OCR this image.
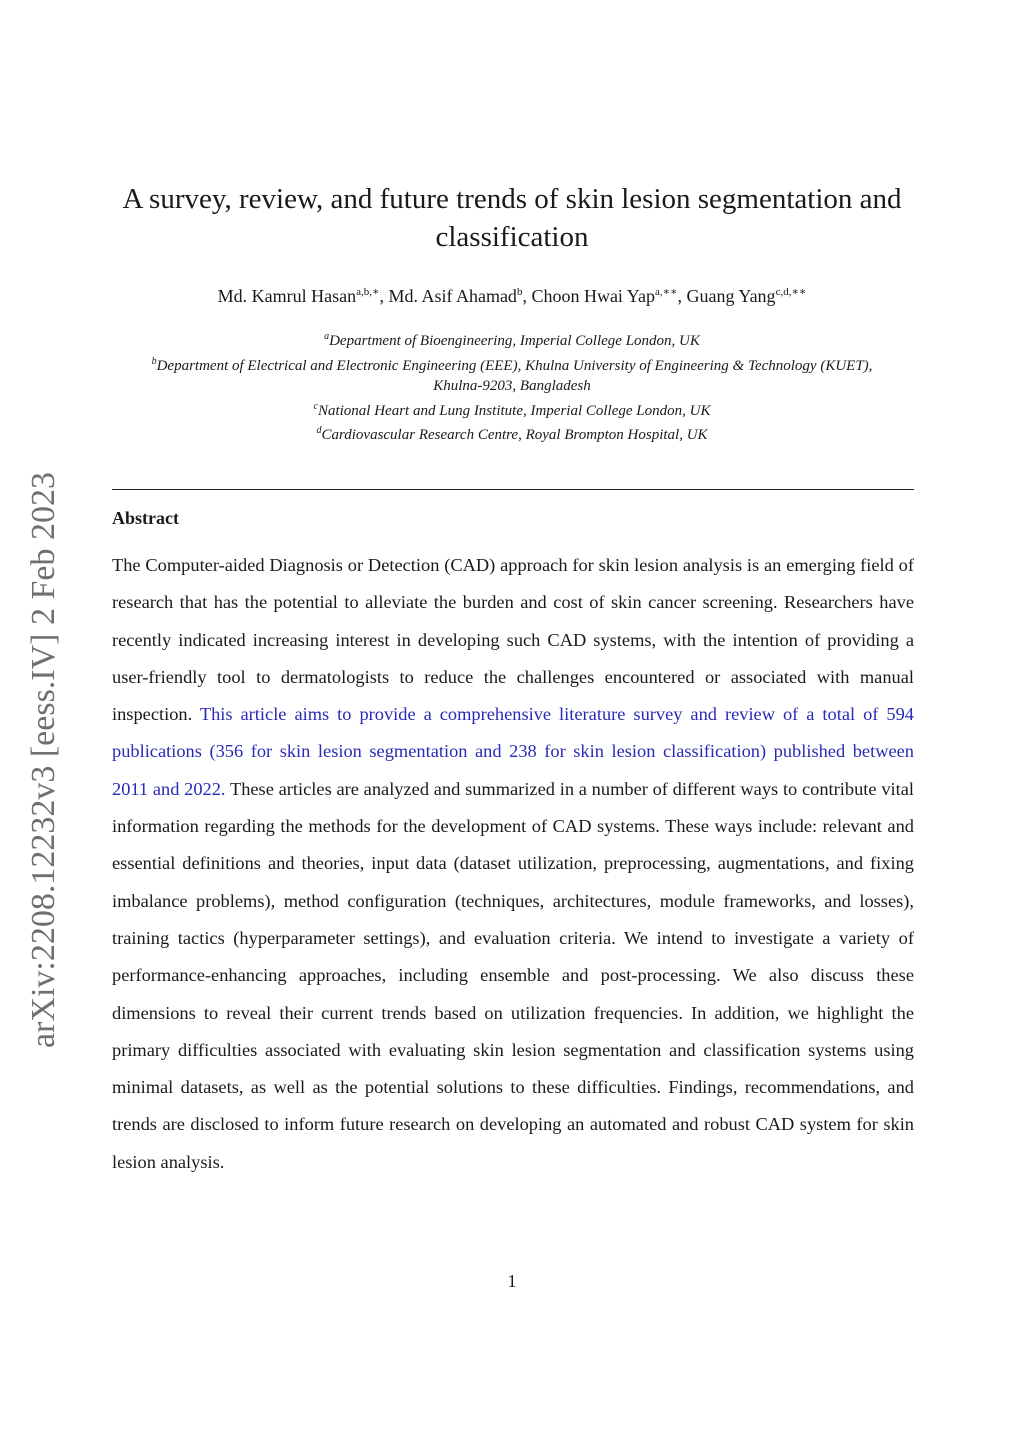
arXiv:2208.12232v3 [eess.IV] 2 Feb 2023
A survey, review, and future trends of skin lesion segmentation and classification
Md. Kamrul Hasan$^{a,b,∗}$, Md. Asif Ahamad$^b$, Choon Hwai Yap$^{a,∗∗}$, Guang Yang$^{c,d,∗∗}$
$^a$Department of Bioengineering, Imperial College London, UK
$^b$Department of Electrical and Electronic Engineering (EEE), Khulna University of Engineering & Technology (KUET), Khulna-9203, Bangladesh
$^c$National Heart and Lung Institute, Imperial College London, UK
$^d$Cardiovascular Research Centre, Royal Brompton Hospital, UK
Abstract

The Computer-aided Diagnosis or Detection (CAD) approach for skin lesion analysis is an emerging field of research that has the potential to alleviate the burden and cost of skin cancer screening. Researchers have recently indicated increasing interest in developing such CAD systems, with the intention of providing a user-friendly tool to dermatologists to reduce the challenges encountered or associated with manual inspection. This article aims to provide a comprehensive literature survey and review of a total of 594 publications (356 for skin lesion segmentation and 238 for skin lesion classification) published between 2011 and 2022. These articles are analyzed and summarized in a number of different ways to contribute vital information regarding the methods for the development of CAD systems. These ways include: relevant and essential definitions and theories, input data (dataset utilization, preprocessing, augmentations, and fixing imbalance problems), method configuration (techniques, architectures, module frameworks, and losses), training tactics (hyperparameter settings), and evaluation criteria. We intend to investigate a variety of performance-enhancing approaches, including ensemble and post-processing. We also discuss these dimensions to reveal their current trends based on utilization frequencies. In addition, we highlight the primary difficulties associated with evaluating skin lesion segmentation and classification systems using minimal datasets, as well as the potential solutions to these difficulties. Findings, recommendations, and trends are disclosed to inform future research on developing an automated and robust CAD system for skin lesion analysis.

1
